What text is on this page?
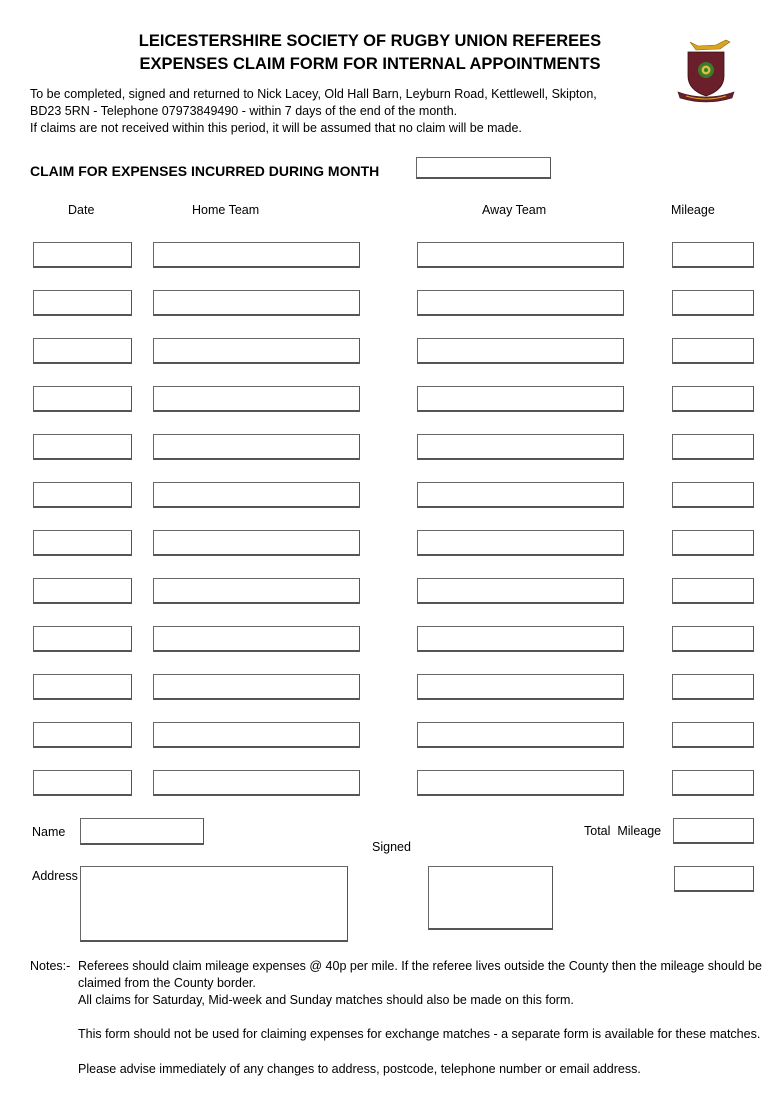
LEICESTERSHIRE SOCIETY OF RUGBY UNION REFEREES
EXPENSES CLAIM FORM FOR INTERNAL APPOINTMENTS
To be completed, signed and returned to Nick Lacey, Old Hall Barn, Leyburn Road, Kettlewell, Skipton,
BD23 5RN - Telephone 07973849490 - within 7 days of the end of the month.
If claims are not received within this period, it will be assumed that no claim will be made.
CLAIM FOR EXPENSES INCURRED DURING MONTH
Date	Home Team	Away Team	Mileage
Name
Signed
Total  Mileage
Address
Notes:- Referees should claim mileage expenses @ 40p per mile. If the referee lives outside the County then the mileage should be
claimed from the County border.
All claims for Saturday, Mid-week and Sunday matches should also be made on this form.
This form should not be used for claiming expenses for exchange matches - a separate form is available for these matches.
Please advise immediately of any changes to address, postcode, telephone number or email address.
